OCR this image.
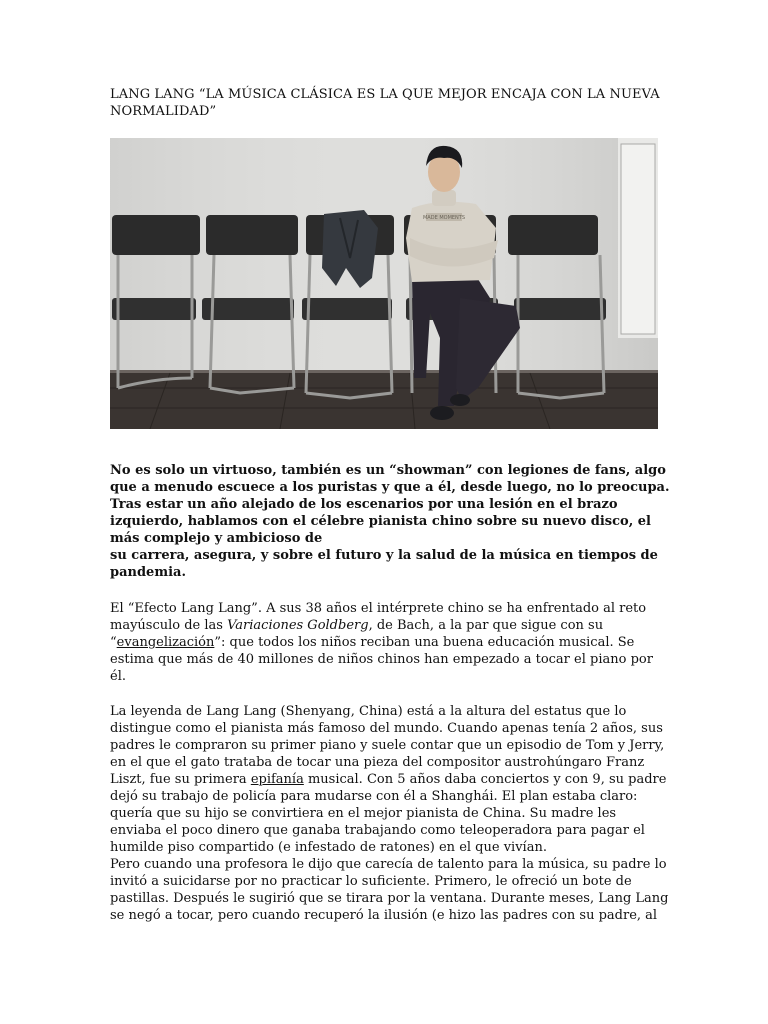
LANG LANG “LA MÚSICA CLÁSICA ES LA QUE MEJOR ENCAJA CON LA NUEVA NORMALIDAD”
MADE MOMENTS

No es solo un virtuoso, también es un “showman” con legiones de fans, algo que a menudo escuece a los puristas y que a él, desde luego, no lo preocupa. Tras estar un año alejado de los escenarios por una lesión en el brazo izquierdo, hablamos con el célebre pianista chino sobre su nuevo disco, el más complejo y ambicioso de

su carrera, asegura, y sobre el futuro y la salud de la música en tiempos de pandemia.

El “Efecto Lang Lang”. A sus 38 años el intérprete chino se ha enfrentado al reto mayúsculo de las Variaciones Goldberg, de Bach, a la par que sigue con su “evangelización”: que todos los niños reciban una buena educación musical. Se estima que más de 40 millones de niños chinos han empezado a tocar el piano por él.

La leyenda de Lang Lang (Shenyang, China) está a la altura del estatus que lo distingue como el pianista más famoso del mundo. Cuando apenas tenía 2 años, sus padres le compraron su primer piano y suele contar que un episodio de Tom y Jerry, en el que el gato trataba de tocar una pieza del compositor austrohúngaro Franz Liszt, fue su primera epifanía musical. Con 5 años daba conciertos y con 9, su padre dejó su trabajo de policía para mudarse con él a Shanghái. El plan estaba claro: quería que su hijo se convirtiera en el mejor pianista de China. Su madre les enviaba el poco dinero que ganaba trabajando como teleoperadora para pagar el humilde piso compartido (e infestado de ratones) en el que vivían.

Pero cuando una profesora le dijo que carecía de talento para la música, su padre lo invitó a suicidarse por no practicar lo suficiente. Primero, le ofreció un bote de pastillas. Después le sugirió que se tirara por la ventana. Durante meses, Lang Lang se negó a tocar, pero cuando recuperó la ilusión (e hizo las padres con su padre, al
